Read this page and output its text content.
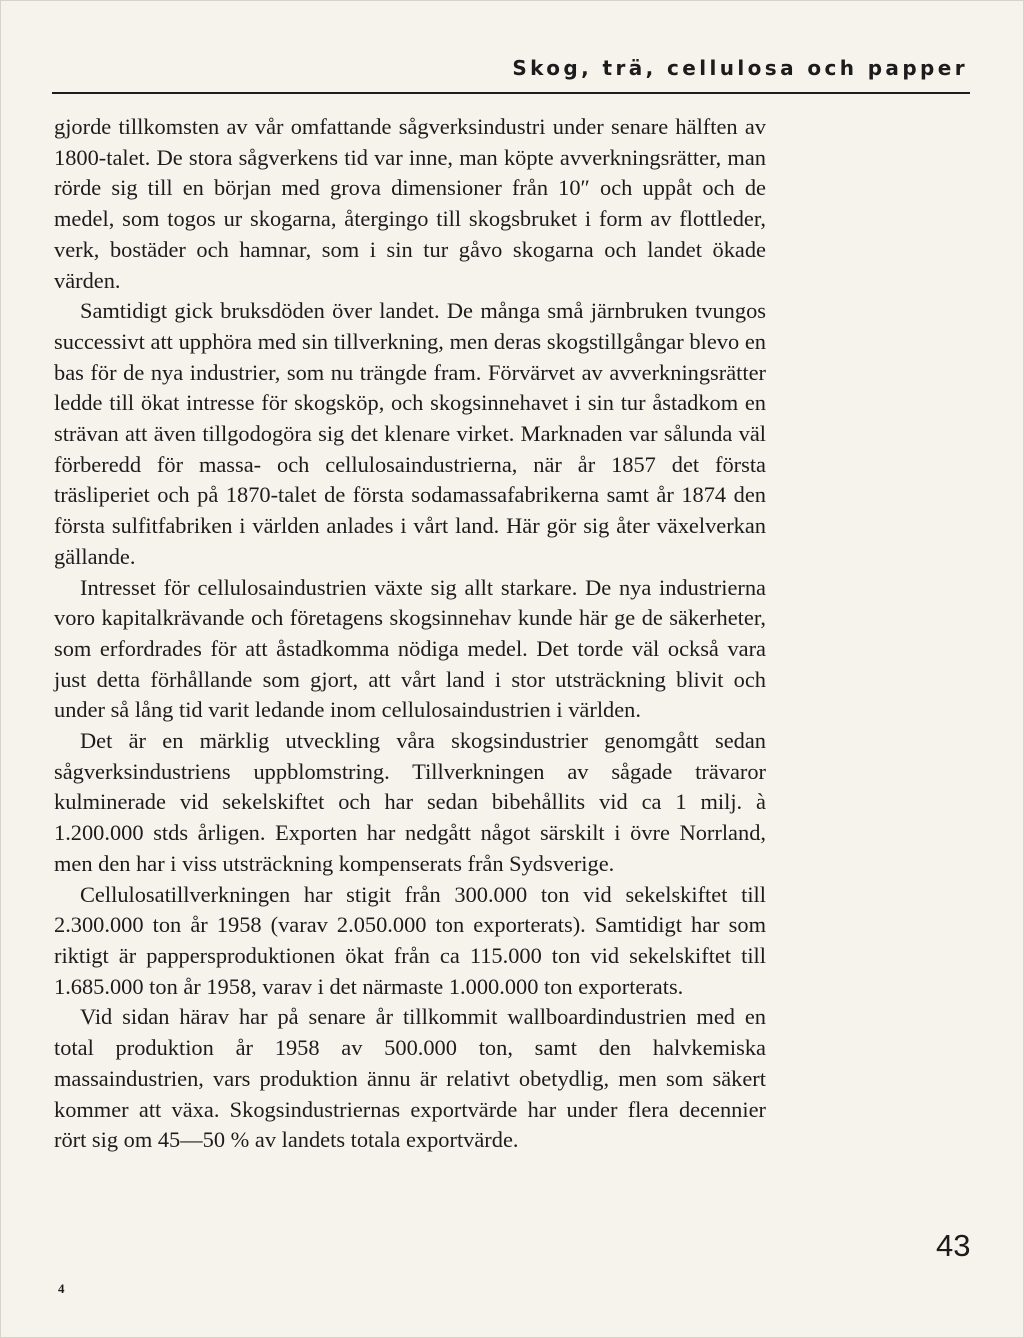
Skog, trä, cellulosa och papper

gjorde tillkomsten av vår omfattande sågverksindustri under senare hälften av 1800-talet. De stora sågverkens tid var inne, man köpte avverkningsrätter, man rörde sig till en början med grova dimensioner från 10″ och uppåt och de medel, som togos ur skogarna, återgingo till skogsbruket i form av flottleder, verk, bostäder och hamnar, som i sin tur gåvo skogarna och landet ökade värden.

Samtidigt gick bruksdöden över landet. De många små järnbruken tvungos successivt att upphöra med sin tillverkning, men deras skogstillgångar blevo en bas för de nya industrier, som nu trängde fram. Förvärvet av avverkningsrätter ledde till ökat intresse för skogsköp, och skogsinnehavet i sin tur åstadkom en strävan att även tillgodogöra sig det klenare virket. Marknaden var sålunda väl förberedd för massa- och cellulosaindustrierna, när år 1857 det första träsliperiet och på 1870-talet de första sodamassafabrikerna samt år 1874 den första sulfitfabriken i världen anlades i vårt land. Här gör sig åter växelverkan gällande.

Intresset för cellulosaindustrien växte sig allt starkare. De nya industrierna voro kapitalkrävande och företagens skogsinnehav kunde här ge de säkerheter, som erfordrades för att åstadkomma nödiga medel. Det torde väl också vara just detta förhållande som gjort, att vårt land i stor utsträckning blivit och under så lång tid varit ledande inom cellulosaindustrien i världen.

Det är en märklig utveckling våra skogsindustrier genomgått sedan sågverksindustriens uppblomstring. Tillverkningen av sågade trävaror kulminerade vid sekelskiftet och har sedan bibehållits vid ca 1 milj. à 1.200.000 stds årligen. Exporten har nedgått något särskilt i övre Norrland, men den har i viss utsträckning kompenserats från Sydsverige.

Cellulosatillverkningen har stigit från 300.000 ton vid sekelskiftet till 2.300.000 ton år 1958 (varav 2.050.000 ton exporterats). Samtidigt har som riktigt är pappersproduktionen ökat från ca 115.000 ton vid sekelskiftet till 1.685.000 ton år 1958, varav i det närmaste 1.000.000 ton exporterats.

Vid sidan härav har på senare år tillkommit wallboardindustrien med en total produktion år 1958 av 500.000 ton, samt den halvkemiska massaindustrien, vars produktion ännu är relativt obetydlig, men som säkert kommer att växa. Skogsindustriernas exportvärde har under flera decennier rört sig om 45—50 % av landets totala exportvärde.

43
4
